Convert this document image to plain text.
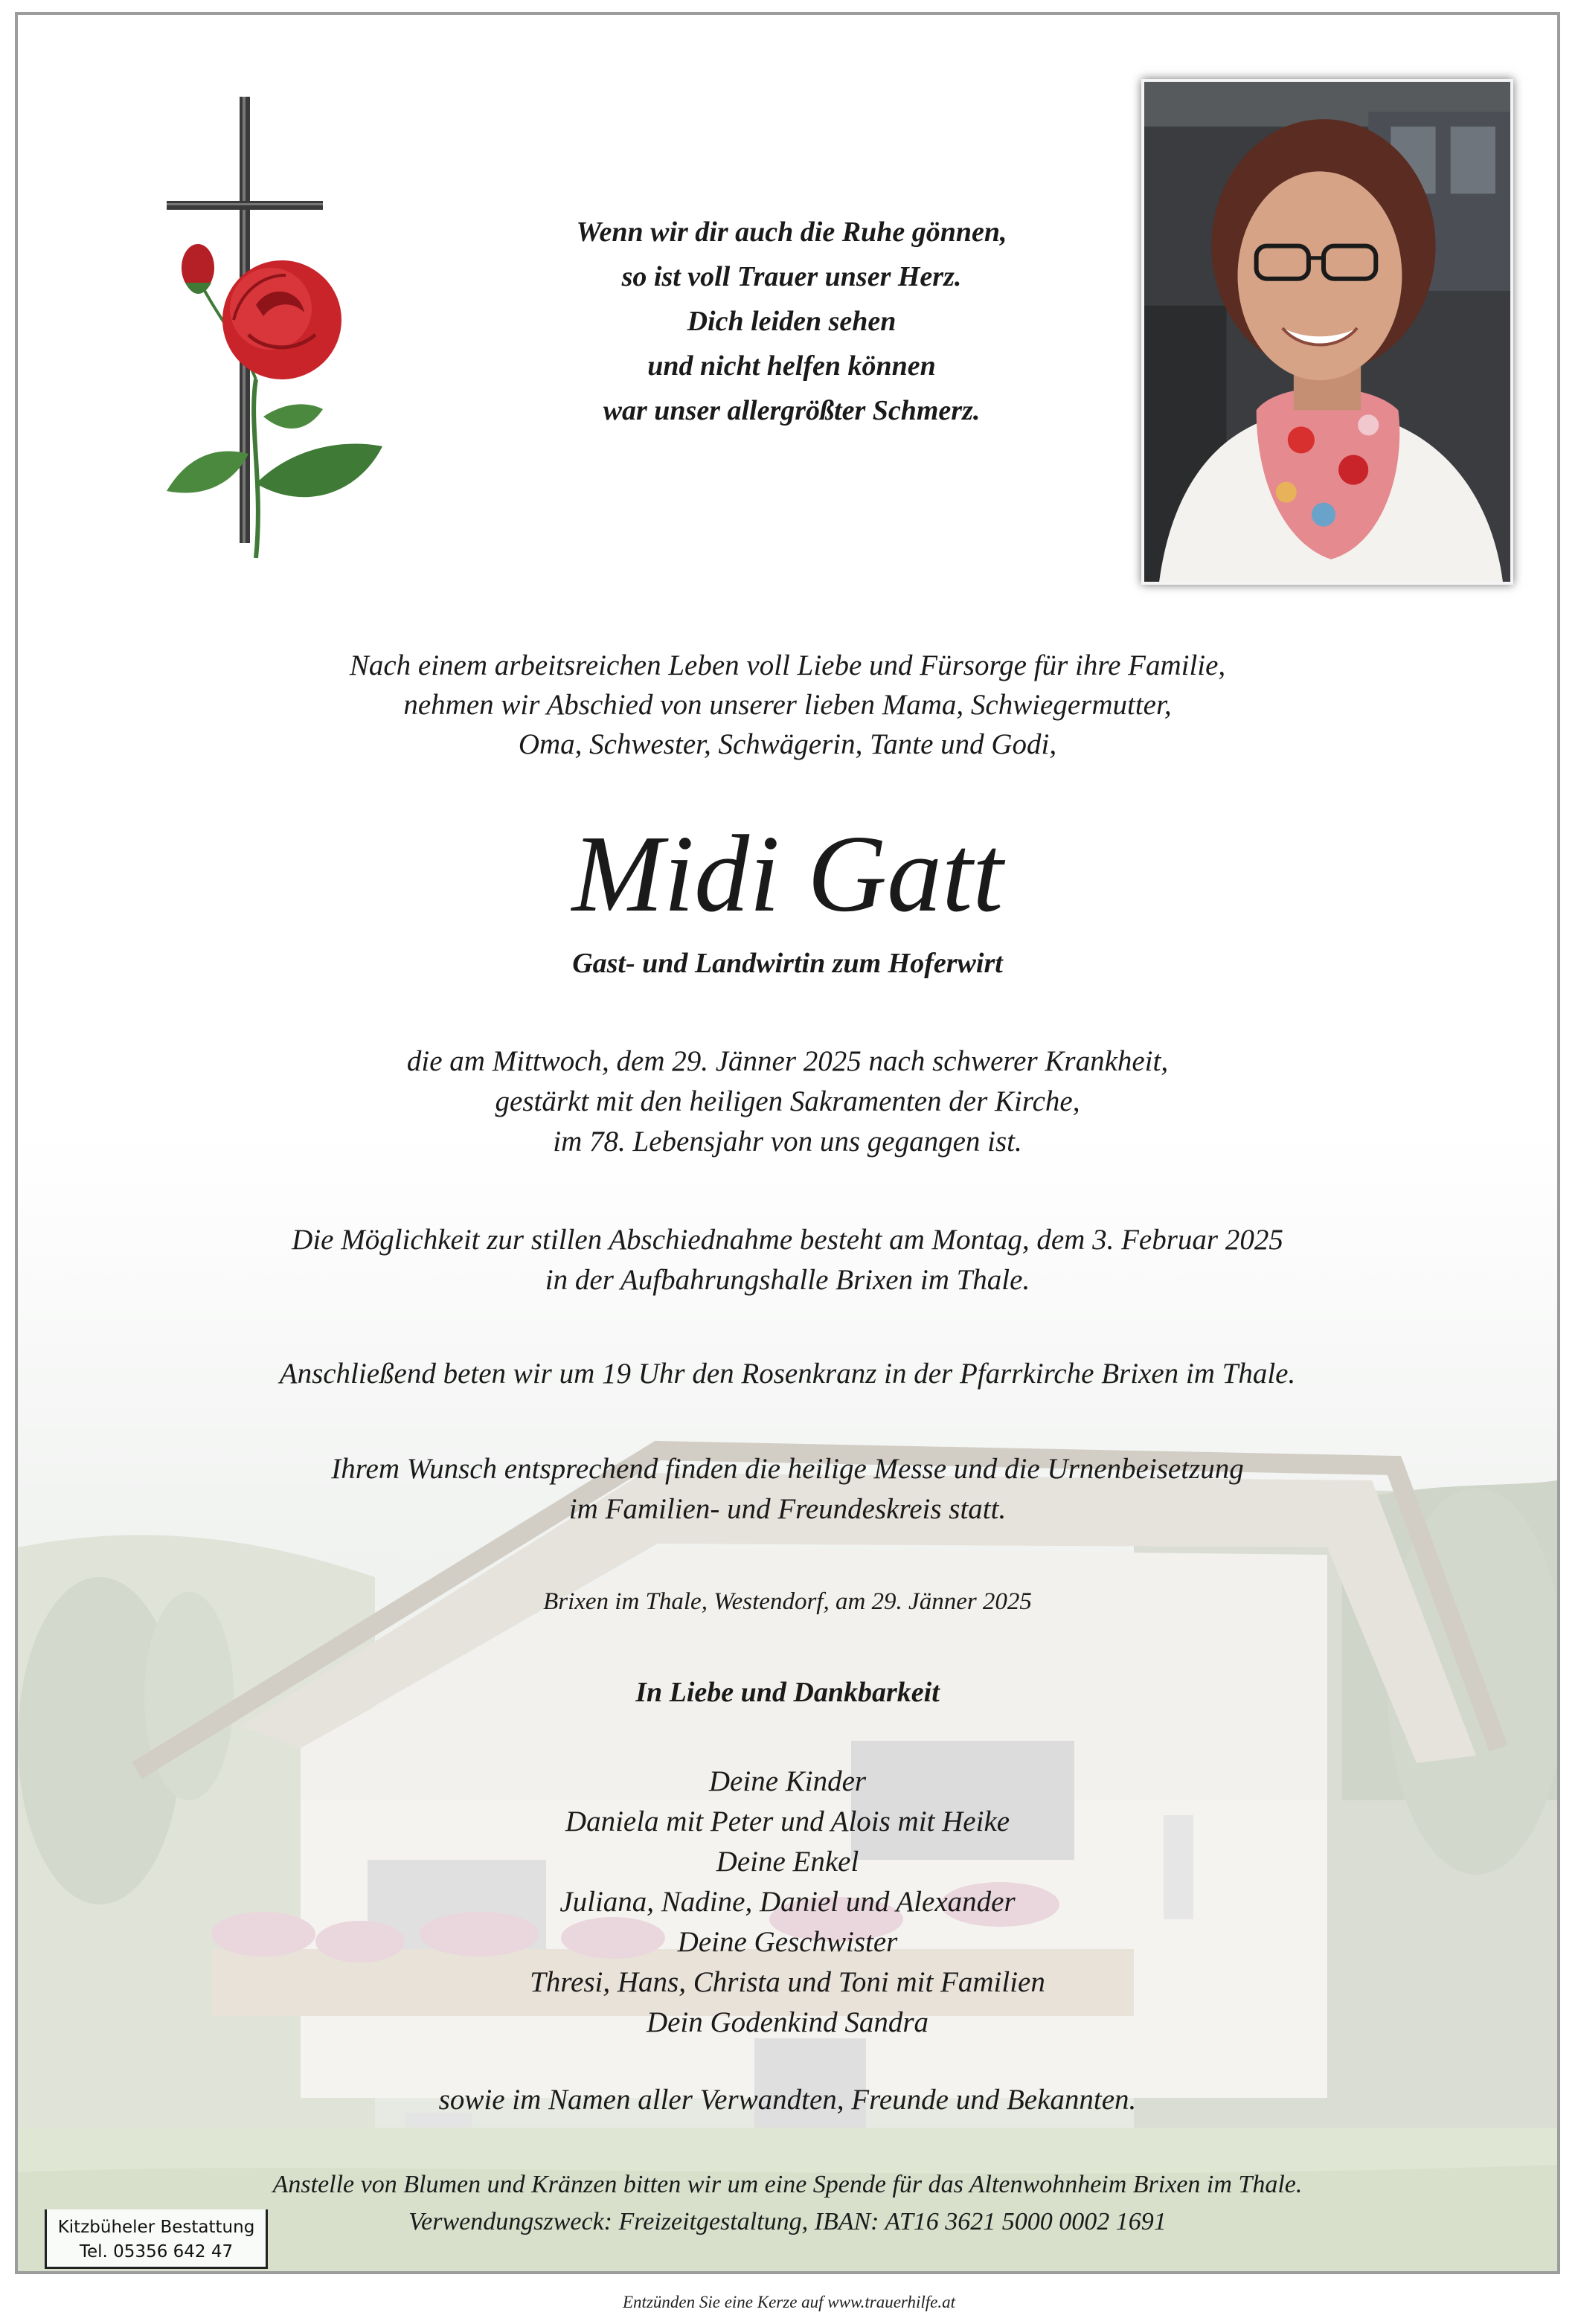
Wenn wir dir auch die Ruhe gönnen,
so ist voll Trauer unser Herz.
Dich leiden sehen
und nicht helfen können
war unser allergrößter Schmerz.
Nach einem arbeitsreichen Leben voll Liebe und Fürsorge für ihre Familie,
nehmen wir Abschied von unserer lieben Mama, Schwiegermutter,
Oma, Schwester, Schwägerin, Tante und Godi,
Midi Gatt
Gast- und Landwirtin zum Hoferwirt
die am Mittwoch, dem 29. Jänner 2025 nach schwerer Krankheit,
gestärkt mit den heiligen Sakramenten der Kirche,
im 78. Lebensjahr von uns gegangen ist.
Die Möglichkeit zur stillen Abschiednahme besteht am Montag, dem 3. Februar 2025
in der Aufbahrungshalle Brixen im Thale.
Anschließend beten wir um 19 Uhr den Rosenkranz in der Pfarrkirche Brixen im Thale.
Ihrem Wunsch entsprechend finden die heilige Messe und die Urnenbeisetzung
im Familien- und Freundeskreis statt.
Brixen im Thale, Westendorf, am 29. Jänner 2025
In Liebe und Dankbarkeit
Deine Kinder
Daniela mit Peter und Alois mit Heike
Deine Enkel
Juliana, Nadine, Daniel und Alexander
Deine Geschwister
Thresi, Hans, Christa und Toni mit Familien
Dein Godenkind Sandra
sowie im Namen aller Verwandten, Freunde und Bekannten.
Anstelle von Blumen und Kränzen bitten wir um eine Spende für das Altenwohnheim Brixen im Thale.
Verwendungszweck: Freizeitgestaltung, IBAN: AT16 3621 5000 0002 1691
Kitzbüheler Bestattung
Tel. 05356 642 47
Entzünden Sie eine Kerze auf www.trauerhilfe.at
